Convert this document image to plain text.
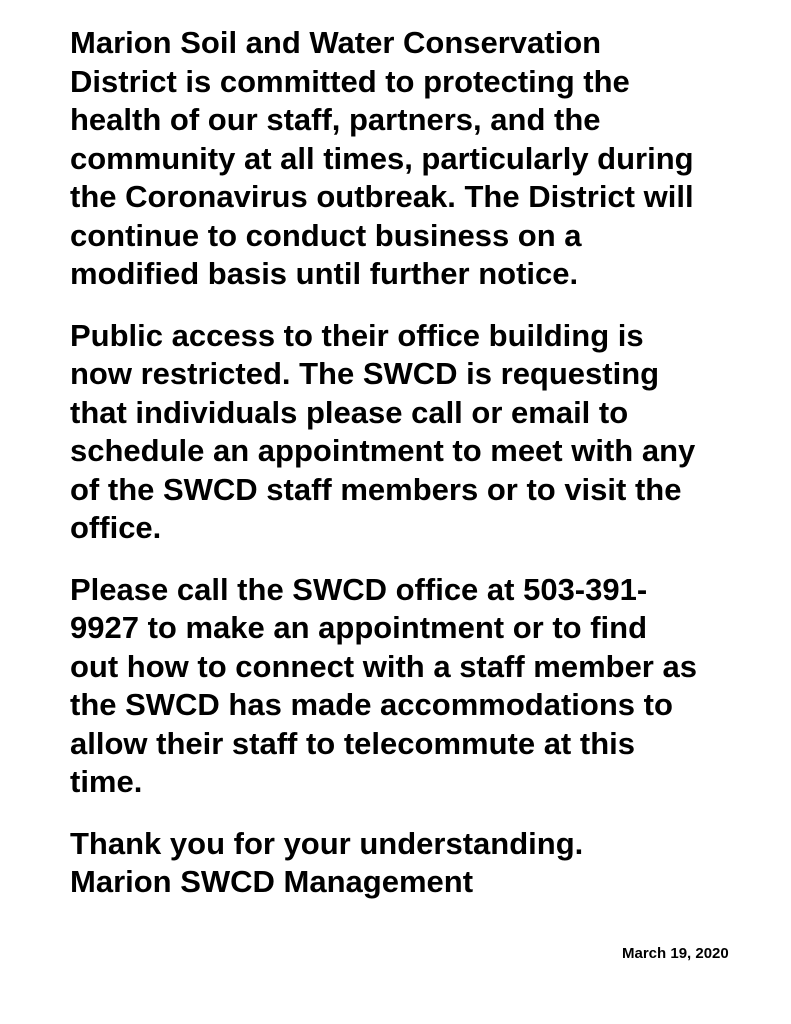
Marion Soil and Water Conservation
District is committed to protecting the
health of our staff, partners, and the
community at all times, particularly during
the Coronavirus outbreak. The District will
continue to conduct business on a
modified basis until further notice.

Public access to their office building is
now restricted. The SWCD is requesting
that individuals please call or email to
schedule an appointment to meet with any
of the SWCD staff members or to visit the
office.

Please call the SWCD office at 503-391-
9927 to make an appointment or to find
out how to connect with a staff member as
the SWCD has made accommodations to
allow their staff to telecommute at this
time.

Thank you for your understanding.
Marion SWCD Management

March 19, 2020
